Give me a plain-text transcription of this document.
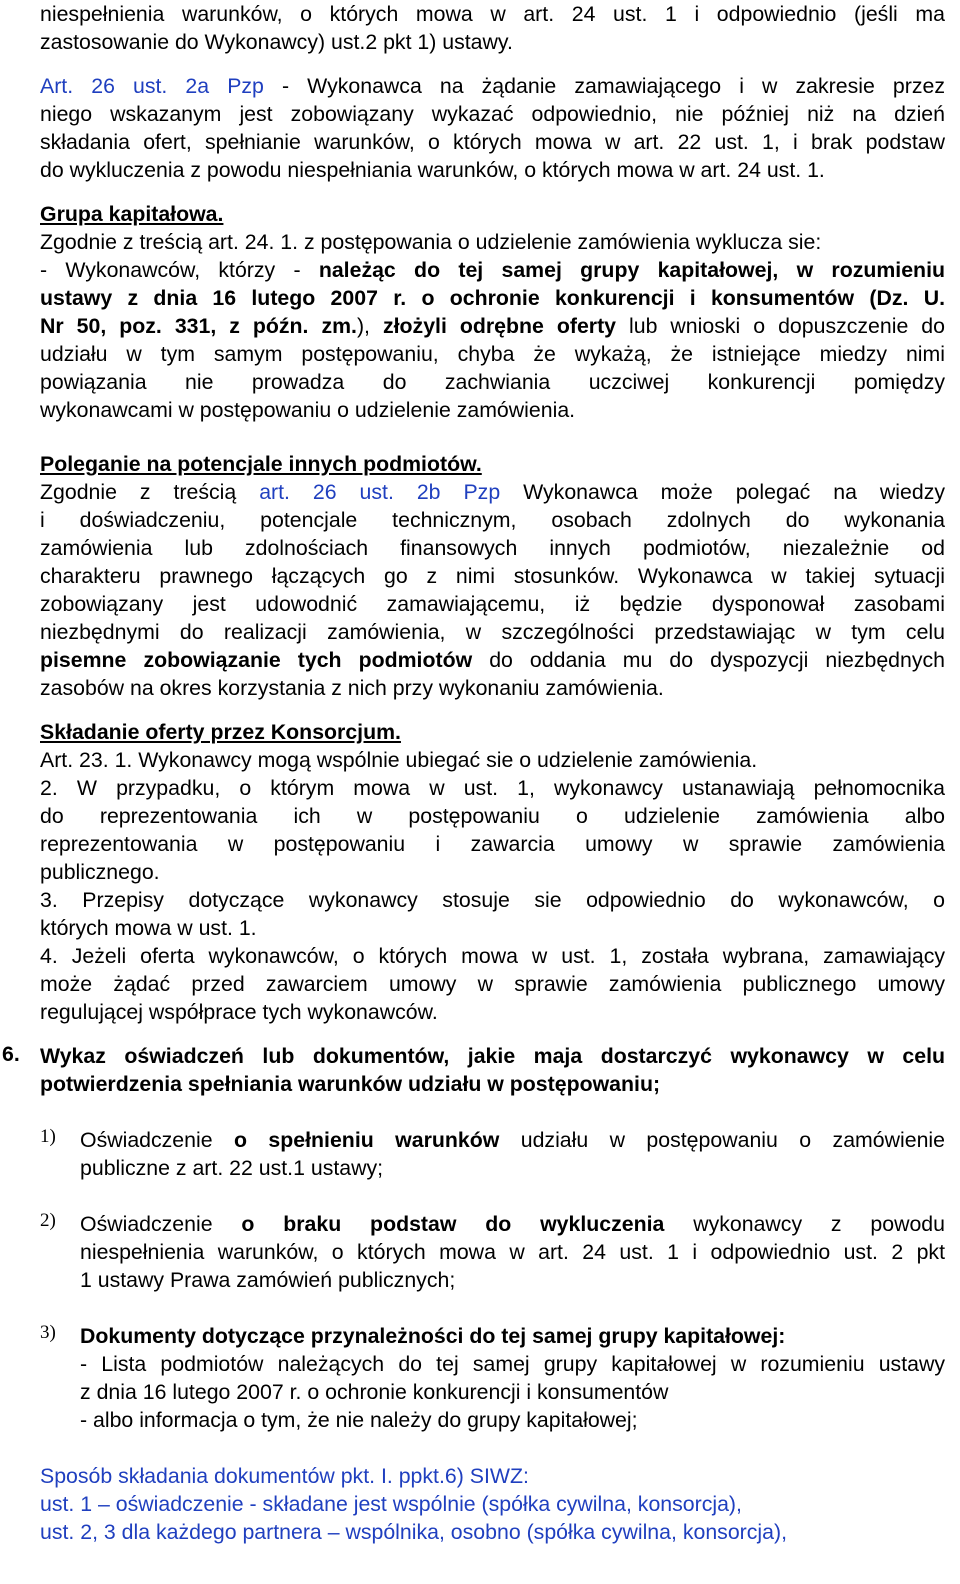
niespełnienia warunków, o których mowa w art. 24 ust. 1 i odpowiednio (jeśli ma
zastosowanie do Wykonawcy) ust.2 pkt 1) ustawy.
Art. 26 ust. 2a Pzp - Wykonawca na żądanie zamawiającego i w zakresie przez
niego wskazanym jest zobowiązany wykazać odpowiednio, nie później niż na dzień
składania ofert, spełnianie warunków, o których mowa w art. 22 ust. 1, i brak podstaw
do wykluczenia z powodu niespełniania warunków, o których mowa w art. 24 ust. 1.
Grupa kapitałowa.
Zgodnie z treścią art. 24. 1. z postępowania o udzielenie zamówienia wyklucza sie:
- Wykonawców, którzy - należąc do tej samej grupy kapitałowej, w rozumieniu
ustawy z dnia 16 lutego 2007 r. o ochronie konkurencji i konsumentów (Dz. U.
Nr 50, poz. 331, z późn. zm.), złożyli odrębne oferty lub wnioski o dopuszczenie do
udziału w tym samym postępowaniu, chyba że wykażą, że istniejące miedzy nimi
powiązania nie prowadza do zachwiania uczciwej konkurencji pomiędzy
wykonawcami w postępowaniu o udzielenie zamówienia.
Poleganie na potencjale innych podmiotów.
Zgodnie z treścią art. 26 ust. 2b Pzp Wykonawca może polegać na wiedzy
i doświadczeniu, potencjale technicznym, osobach zdolnych do wykonania
zamówienia lub zdolnościach finansowych innych podmiotów, niezależnie od
charakteru prawnego łączących go z nimi stosunków. Wykonawca w takiej sytuacji
zobowiązany jest udowodnić zamawiającemu, iż będzie dysponował zasobami
niezbędnymi do realizacji zamówienia, w szczególności przedstawiając w tym celu
pisemne zobowiązanie tych podmiotów do oddania mu do dyspozycji niezbędnych
zasobów na okres korzystania z nich przy wykonaniu zamówienia.
Składanie oferty przez Konsorcjum.
Art. 23. 1. Wykonawcy mogą wspólnie ubiegać sie o udzielenie zamówienia.
2. W przypadku, o którym mowa w ust. 1, wykonawcy ustanawiają pełnomocnika
do reprezentowania ich w postępowaniu o udzielenie zamówienia albo
reprezentowania w postępowaniu i zawarcia umowy w sprawie zamówienia
publicznego.
3. Przepisy dotyczące wykonawcy stosuje sie odpowiednio do wykonawców, o
których mowa w ust. 1.
4. Jeżeli oferta wykonawców, o których mowa w ust. 1, została wybrana, zamawiający
może żądać przed zawarciem umowy w sprawie zamówienia publicznego umowy
regulującej współprace tych wykonawców.
6. Wykaz oświadczeń lub dokumentów, jakie maja dostarczyć wykonawcy w celu
potwierdzenia spełniania warunków udziału w postępowaniu;
1) Oświadczenie o spełnieniu warunków udziału w postępowaniu o zamówienie
publiczne z art. 22 ust.1 ustawy;
2) Oświadczenie o braku podstaw do wykluczenia wykonawcy z powodu
niespełnienia warunków, o których mowa w art. 24 ust. 1 i odpowiednio ust. 2 pkt
1 ustawy Prawa zamówień publicznych;
3) Dokumenty dotyczące przynależności do tej samej grupy kapitałowej:
- Lista podmiotów należących do tej samej grupy kapitałowej w rozumieniu ustawy
z dnia 16 lutego 2007 r. o ochronie konkurencji i konsumentów
- albo informacja o tym, że nie należy do grupy kapitałowej;
Sposób składania dokumentów pkt. I. ppkt.6) SIWZ:
ust. 1 – oświadczenie - składane jest wspólnie (spółka cywilna, konsorcja),
ust. 2, 3 dla każdego partnera – wspólnika, osobno (spółka cywilna, konsorcja),
